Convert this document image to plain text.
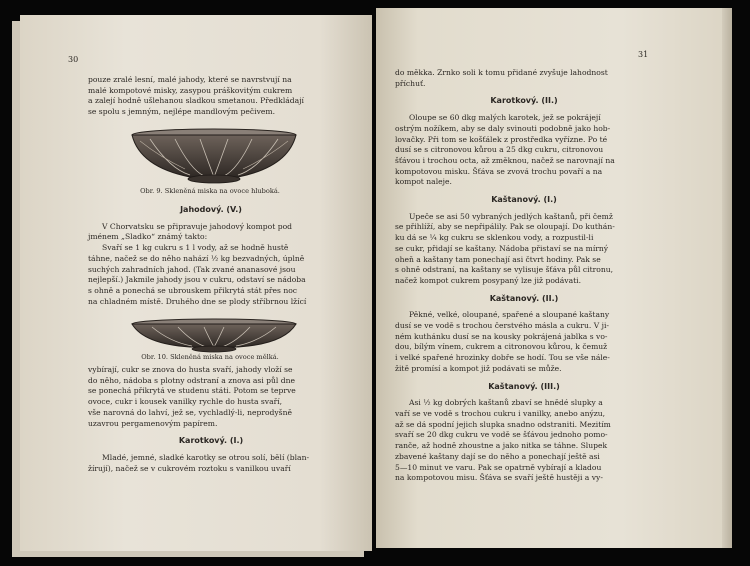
30
pouze zralé lesní, malé jahody, které se navrstvují na
malé kompotové misky, zasypou práškovitým cukrem
a zalejí hodně ušlehanou sladkou smetanou. Předkládají
se spolu s jemným, nejlépe mandlovým pečivem.
Obr. 9. Skleněná miska na ovoce hluboká.
Jahodový. (V.)

V Chorvatsku se připravuje jahodový kompot pod

jménem „Sladko“ známý takto:

Svaří se 1 kg cukru s 1 l vody, až se hodně hustě

táhne, načež se do něho nahází ½ kg bezvadných, úplně

suchých zahradních jahod. (Tak zvané ananasové jsou

nejlepší.) Jakmile jahody jsou v cukru, odstaví se nádoba

s ohně a ponechá se ubrouskem přikrytá stát přes noc

na chladném místě. Druhého dne se plody stříbrnou lžící

Obr. 10. Skleněná miska na ovoce mělká.

vybírají, cukr se znova do husta svaří, jahody vloží se

do něho, nádoba s plotny odstraní a znova asi půl dne

se ponechá přikrytá ve studenu státi. Potom se teprve

ovoce, cukr i kousek vanilky rychle do husta svaří,

vše narovná do lahví, jež se, vychladlý-li, neprodyšně

uzavrou pergamenovým papírem.

Karotkový. (I.)

Mladé, jemné, sladké karotky se otrou solí, bělí (blan-

žírují), načež se v cukrovém roztoku s vanilkou uvaří

31

do měkka. Zrnko soli k tomu přidané zvyšuje lahodnost

příchuť.

Karotkový. (II.)

Oloupe se 60 dkg malých karotek, jež se pokrájejí

ostrým nožíkem, aby se daly svinouti podobně jako hob-

lovačky. Při tom se košťálek z prostředka vyřízne. Po té

dusí se s citronovou kůrou a 25 dkg cukru, citronovou

šťávou i trochou octa, až změknou, načež se narovnají na

kompotovou misku. Šťáva se zvová trochu povaří a na

kompot naleje.

Kaštanový. (I.)

Upeče se asi 50 vybraných jedlých kaštanů, při čemž

se přihlíží, aby se nepřipálily. Pak se oloupají. Do kuthán-

ku dá se ¼ kg cukru se sklenkou vody, a rozpustil-li

se cukr, přidají se kaštany. Nádoba přistaví se na mírný

oheň a kaštany tam ponechají asi čtvrt hodiny. Pak se

s ohně odstraní, na kaštany se vylisuje šťáva půl citronu,

načež kompot cukrem posypaný lze již podávati.

Kaštanový. (II.)

Pěkné, velké, oloupané, spařené a sloupané kaštany

dusí se ve vodě s trochou čerstvého másla a cukru. V ji-

ném kuthánku dusí se na kousky pokrájená jablka s vo-

dou, bílým vínem, cukrem a citronovou kůrou, k čemuž

i velké spařené hrozinky dobře se hodí. Tou se vše nále-

žitě promísí a kompot již podávati se může.

Kaštanový. (III.)

Asi ½ kg dobrých kaštanů zbaví se hnědé slupky a

vaří se ve vodě s trochou cukru i vanilky, anebo anýzu,

až se dá spodní jejich slupka snadno odstraniti. Mezitím

svaří se 20 dkg cukru ve vodě se šťávou jednoho pomo-

ranče, až hodně zhoustne a jako nitka se táhne. Slupek

zbavené kaštany dají se do něho a ponechají ještě asi

5—10 minut ve varu. Pak se opatrně vybírají a kladou

na kompotovou misu. Šťáva se svaří ještě hustěji a vy-
